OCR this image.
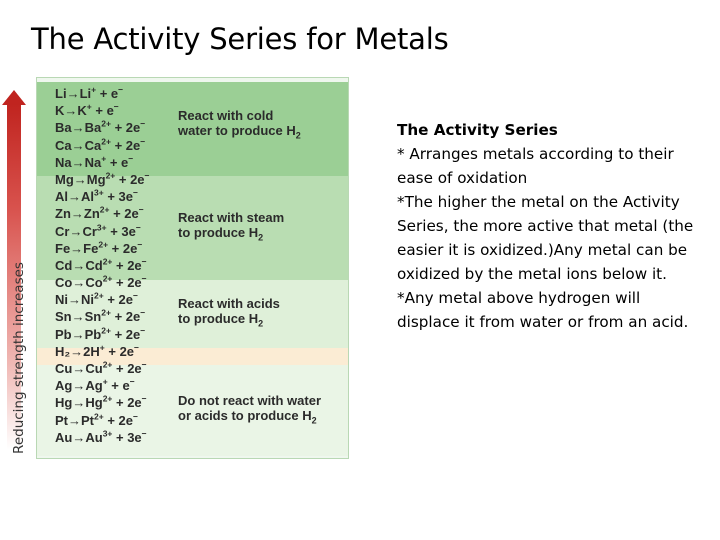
The Activity Series for Metals
Reducing strength increases
Li→Li+ + e−
K→K+ + e−
$Ba\to Ba^{2+} + 2e^-$
$Ca\to Ca^{2+} + 2e^-$
Na→Na+ + e−
$Mg\to Mg^{2+} + 2e^-$
$Al\to Al^{3+} + 3e^-$
$Zn\to Zn^{2+} + 2e^-$
$Cr\to Cr^{3+} + 3e^-$
$Fe\to Fe^{2+} + 2e^-$
$Cd\to Cd^{2+} + 2e^-$
$Co\to Co^{2+} + 2e^-$
$Ni\to Ni^{2+} + 2e^-$
$Sn\to Sn^{2+} + 2e^-$
$Pb\to Pb^{2+} + 2e^-$
H₂→2H+ + 2e−
$Cu\to Cu^{2+} + 2e^-$
Ag→Ag+ + e−
$Hg\to Hg^{2+} + 2e^-$
$Pt\to Pt^{2+} + 2e^-$
$Au\to Au^{3+} + 3e^-$

React with cold
water to produce $H_2$

React with steam
to produce $H_2$

React with acids
to produce $H_2$

Do not react with water
or acids to produce $H_2$

The Activity Series

* Arranges metals according to their ease of oxidation

*The higher the metal on the Activity Series, the more active that metal (the easier it is oxidized.)Any metal can be oxidized by the metal ions below it.

*Any metal above hydrogen will displace it from water or from an acid.
